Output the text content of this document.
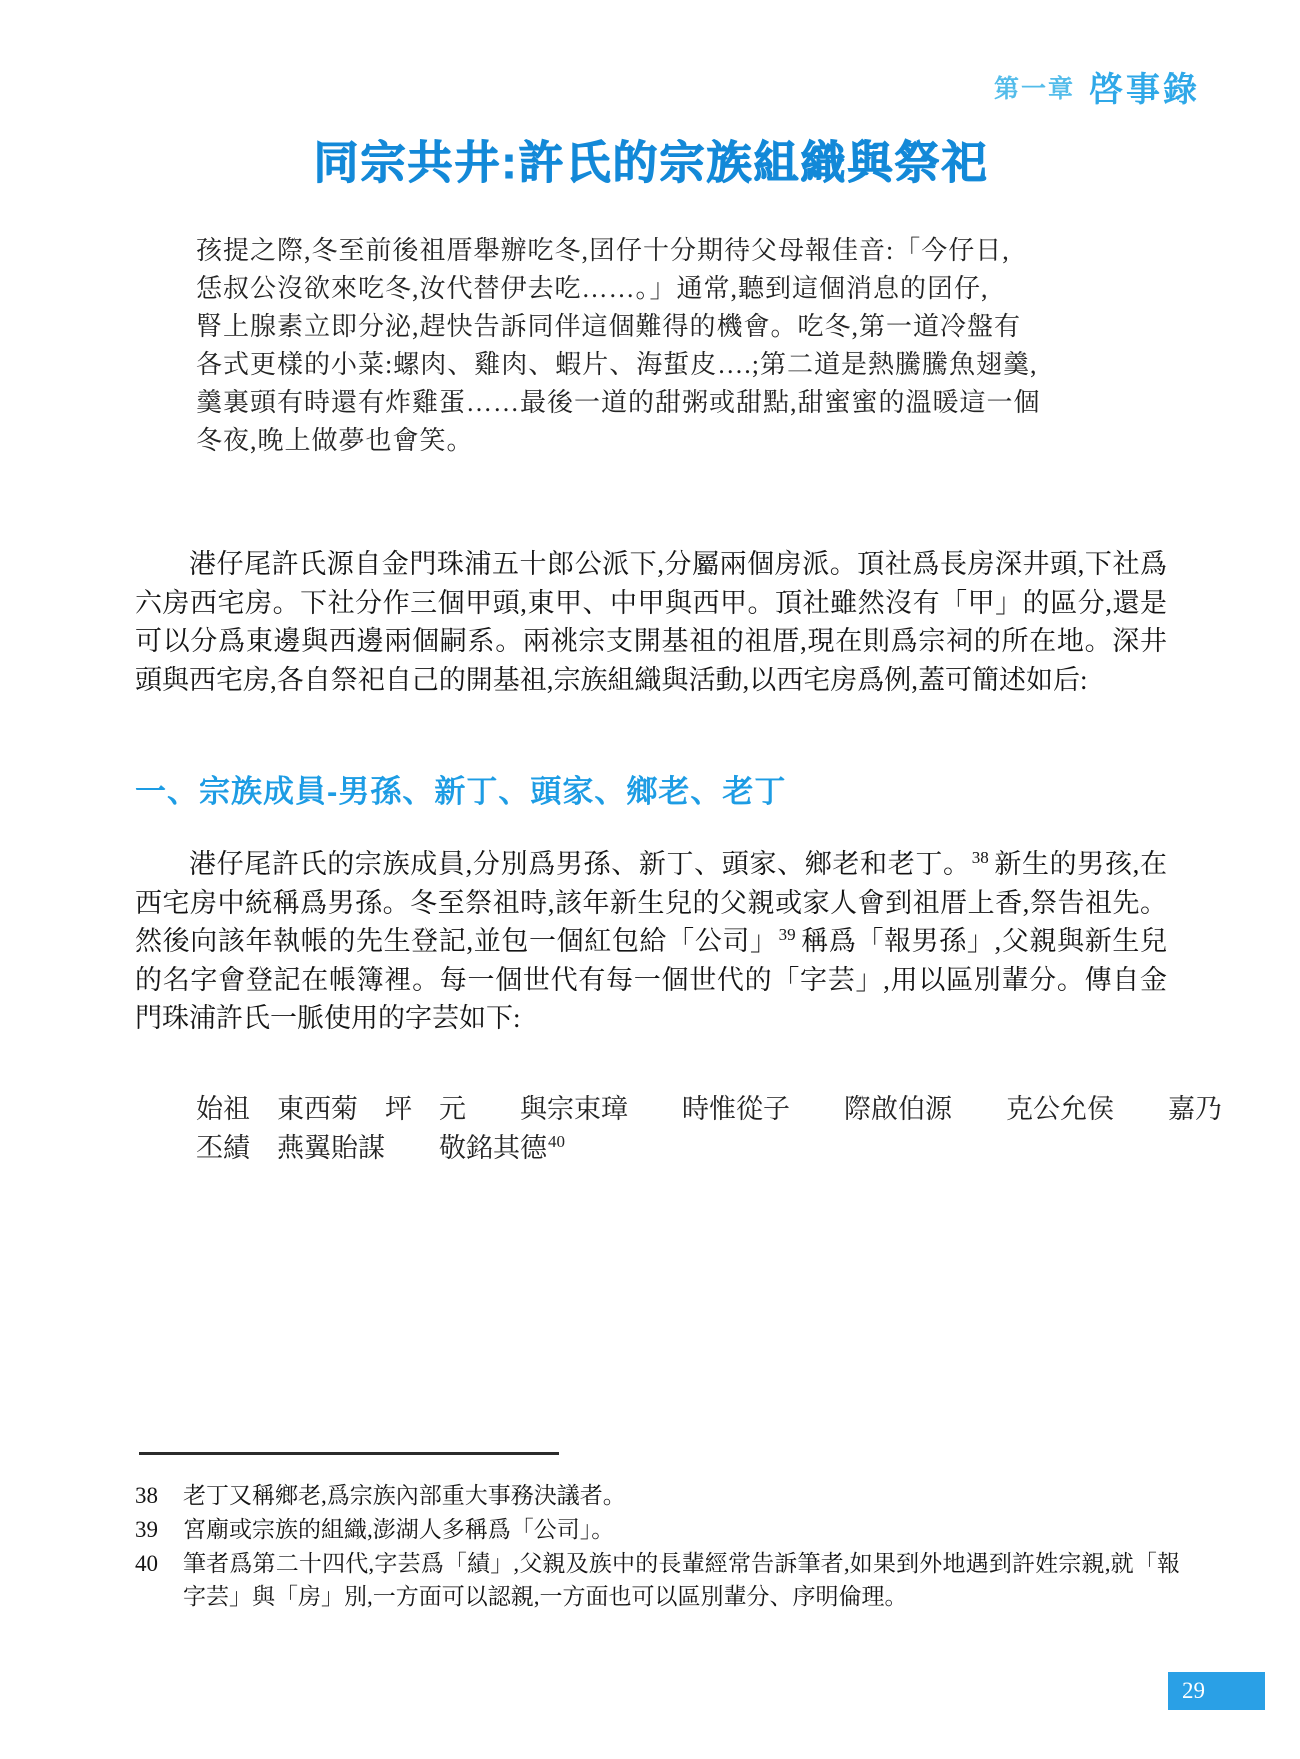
第一章 啓事錄
同宗共井:許氏的宗族組織與祭祀
孩提之際,冬至前後祖厝舉辦吃冬,囝仔十分期待父母報佳音:「今仔日,
恁叔公沒欲來吃冬,汝代替伊去吃……。」通常,聽到這個消息的囝仔,
腎上腺素立即分泌,趕快告訴同伴這個難得的機會。吃冬,第一道冷盤有
各式更樣的小菜:螺肉、雞肉、蝦片、海蜇皮….;第二道是熱騰騰魚翅羹,
羹裏頭有時還有炸雞蛋……最後一道的甜粥或甜點,甜蜜蜜的溫暖這一個
冬夜,晚上做夢也會笑。

港仔尾許氏源自金門珠浦五十郎公派下,分屬兩個房派。頂社爲長房深井頭,下社爲六房西宅房。下社分作三個甲頭,東甲、中甲與西甲。頂社雖然沒有「甲」的區分,還是可以分爲東邊與西邊兩個嗣系。兩祧宗支開基祖的祖厝,現在則爲宗祠的所在地。深井頭與西宅房,各自祭祀自己的開基祖,宗族組織與活動,以西宅房爲例,蓋可簡述如后:

一、宗族成員-男孫、新丁、頭家、鄉老、老丁

港仔尾許氏的宗族成員,分別爲男孫、新丁、頭家、鄉老和老丁。$^{38}$ 新生的男孩,在西宅房中統稱爲男孫。冬至祭祖時,該年新生兒的父親或家人會到祖厝上香,祭告祖先。然後向該年執帳的先生登記,並包一個紅包給「公司」$^{39}$ 稱爲「報男孫」,父親與新生兒的名字會登記在帳簿裡。每一個世代有每一個世代的「字芸」,用以區別輩分。傳自金門珠浦許氏一脈使用的字芸如下:

始祖　東西菊　坪　元　　與宗束璋　　時惟從子　　際啟伯源　　克公允侯　　嘉乃
丕績　燕翼貽謀　　敬銘其德$^{40}$
38	老丁又稱鄉老,爲宗族內部重大事務決議者。
39	宮廟或宗族的組織,澎湖人多稱爲「公司」。
40	筆者爲第二十四代,字芸爲「績」,父親及族中的長輩經常告訴筆者,如果到外地遇到許姓宗親,就「報字芸」與「房」別,一方面可以認親,一方面也可以區別輩分、序明倫理。
29
